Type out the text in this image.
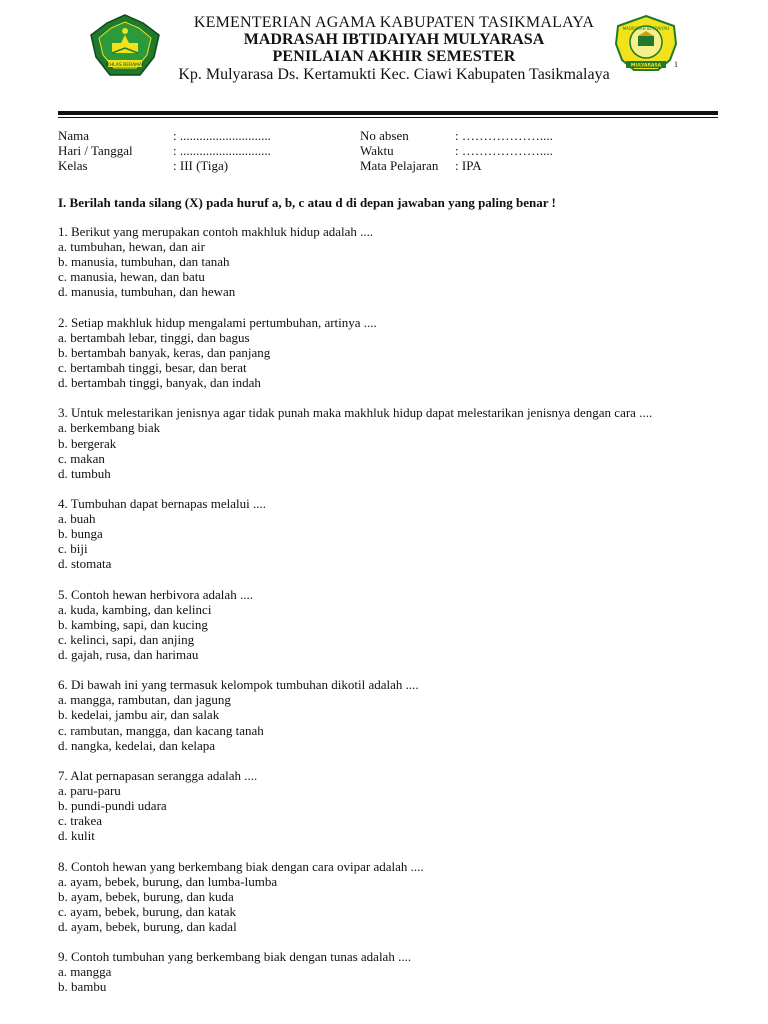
IKHLAS BERAMAL
MADRASAH IBTIDAIYAH
MULYARASA 1
KEMENTERIAN AGAMA KABUPATEN TASIKMALAYA
MADRASAH IBTIDAIYAH MULYARASA
PENILAIAN AKHIR SEMESTER
Kp. Mulyarasa Ds. Kertamukti Kec. Ciawi Kabupaten Tasikmalaya
Nama	: ............................	No absen	: ………………....
Hari / Tanggal	: ............................	Waktu	: ………………....
Kelas	: III (Tiga)	Mata Pelajaran : IPA
I. Berilah tanda silang (X) pada huruf a, b, c atau d di depan jawaban yang paling benar !
1. Berikut yang merupakan contoh makhluk hidup adalah ....
a. tumbuhan, hewan, dan air
b. manusia, tumbuhan, dan tanah
c. manusia, hewan, dan batu
d. manusia, tumbuhan, dan hewan
2. Setiap makhluk hidup mengalami pertumbuhan, artinya ....
a. bertambah lebar, tinggi, dan bagus
b. bertambah banyak, keras, dan panjang
c. bertambah tinggi, besar, dan berat
d. bertambah tinggi, banyak, dan indah
3. Untuk melestarikan jenisnya agar tidak punah maka makhluk hidup dapat melestarikan jenisnya dengan cara ....
a. berkembang biak
b. bergerak
c. makan
d. tumbuh
4. Tumbuhan dapat bernapas melalui ....
a. buah
b. bunga
c. biji
d. stomata
5. Contoh hewan herbivora adalah ....
a. kuda, kambing, dan kelinci
b. kambing, sapi, dan kucing
c. kelinci, sapi, dan anjing
d. gajah, rusa, dan harimau
6. Di bawah ini yang termasuk kelompok tumbuhan dikotil adalah ....
a. mangga, rambutan, dan jagung
b. kedelai, jambu air, dan salak
c. rambutan, mangga, dan kacang tanah
d. nangka, kedelai, dan kelapa
7. Alat pernapasan serangga adalah ....
a. paru-paru
b. pundi-pundi udara
c. trakea
d. kulit
8. Contoh hewan yang berkembang biak dengan cara ovipar adalah ....
a. ayam, bebek, burung, dan lumba-lumba
b. ayam, bebek, burung, dan kuda
c. ayam, bebek, burung, dan katak
d. ayam, bebek, burung, dan kadal
9. Contoh tumbuhan yang berkembang biak dengan tunas adalah ....
a. mangga
b. bambu
